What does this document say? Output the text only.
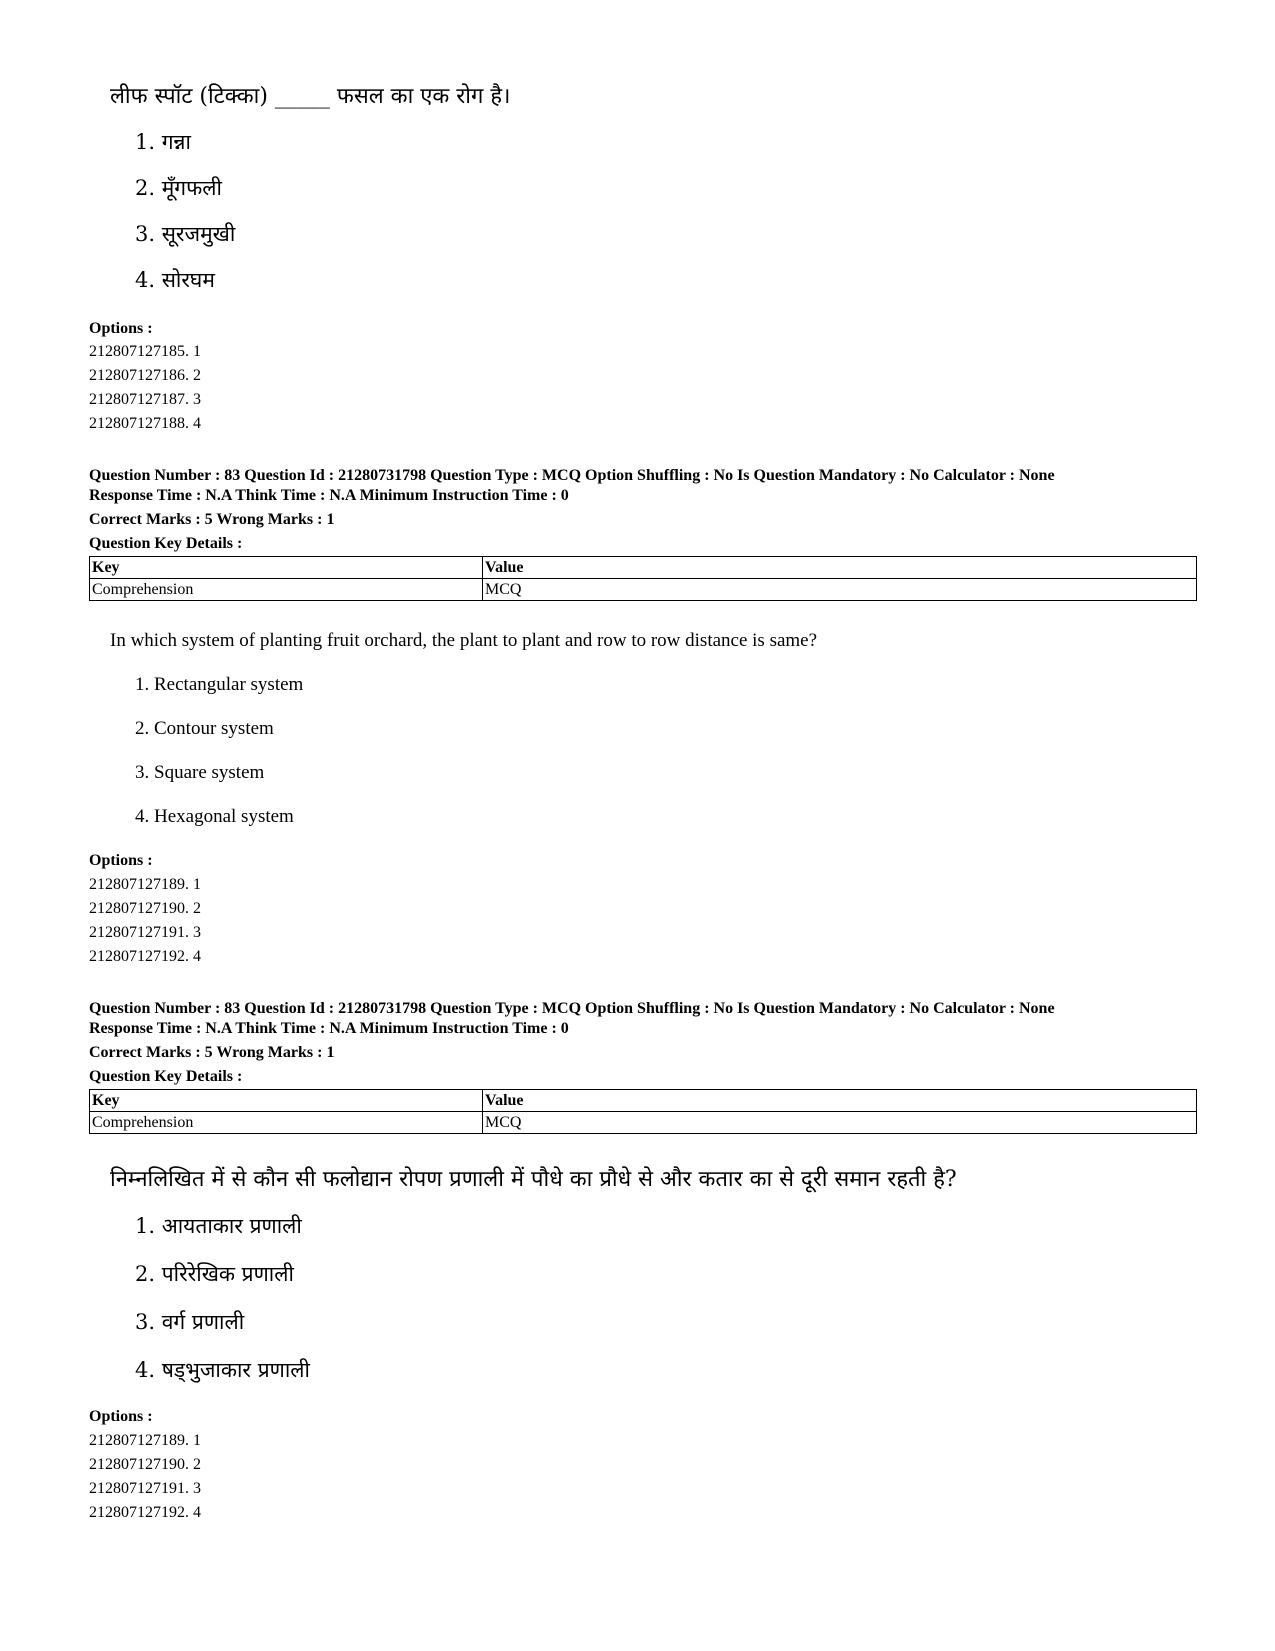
लीफ स्पॉट (टिक्का) _____ फसल का एक रोग है।
1. गन्ना
2. मूँगफली
3. सूरजमुखी
4. सोरघम
Options :
212807127185. 1
212807127186. 2
212807127187. 3
212807127188. 4
Question Number : 83 Question Id : 21280731798 Question Type : MCQ Option Shuffling : No Is Question Mandatory : No Calculator : None
Response Time : N.A Think Time : N.A Minimum Instruction Time : 0
Correct Marks : 5 Wrong Marks : 1
Question Key Details :
Key	Value
Comprehension	MCQ
In which system of planting fruit orchard, the plant to plant and row to row distance is same?
1. Rectangular system
2. Contour system
3. Square system
4. Hexagonal system
Options :
212807127189. 1
212807127190. 2
212807127191. 3
212807127192. 4
Question Number : 83 Question Id : 21280731798 Question Type : MCQ Option Shuffling : No Is Question Mandatory : No Calculator : None
Response Time : N.A Think Time : N.A Minimum Instruction Time : 0
Correct Marks : 5 Wrong Marks : 1
Question Key Details :
Key	Value
Comprehension	MCQ
निम्नलिखित में से कौन सी फलोद्यान रोपण प्रणाली में पौधे का प्रौधे से और कतार का से दूरी समान रहती है?
1. आयताकार प्रणाली
2. परिरेखिक प्रणाली
3. वर्ग प्रणाली
4. षड्भुजाकार प्रणाली
Options :
212807127189. 1
212807127190. 2
212807127191. 3
212807127192. 4
